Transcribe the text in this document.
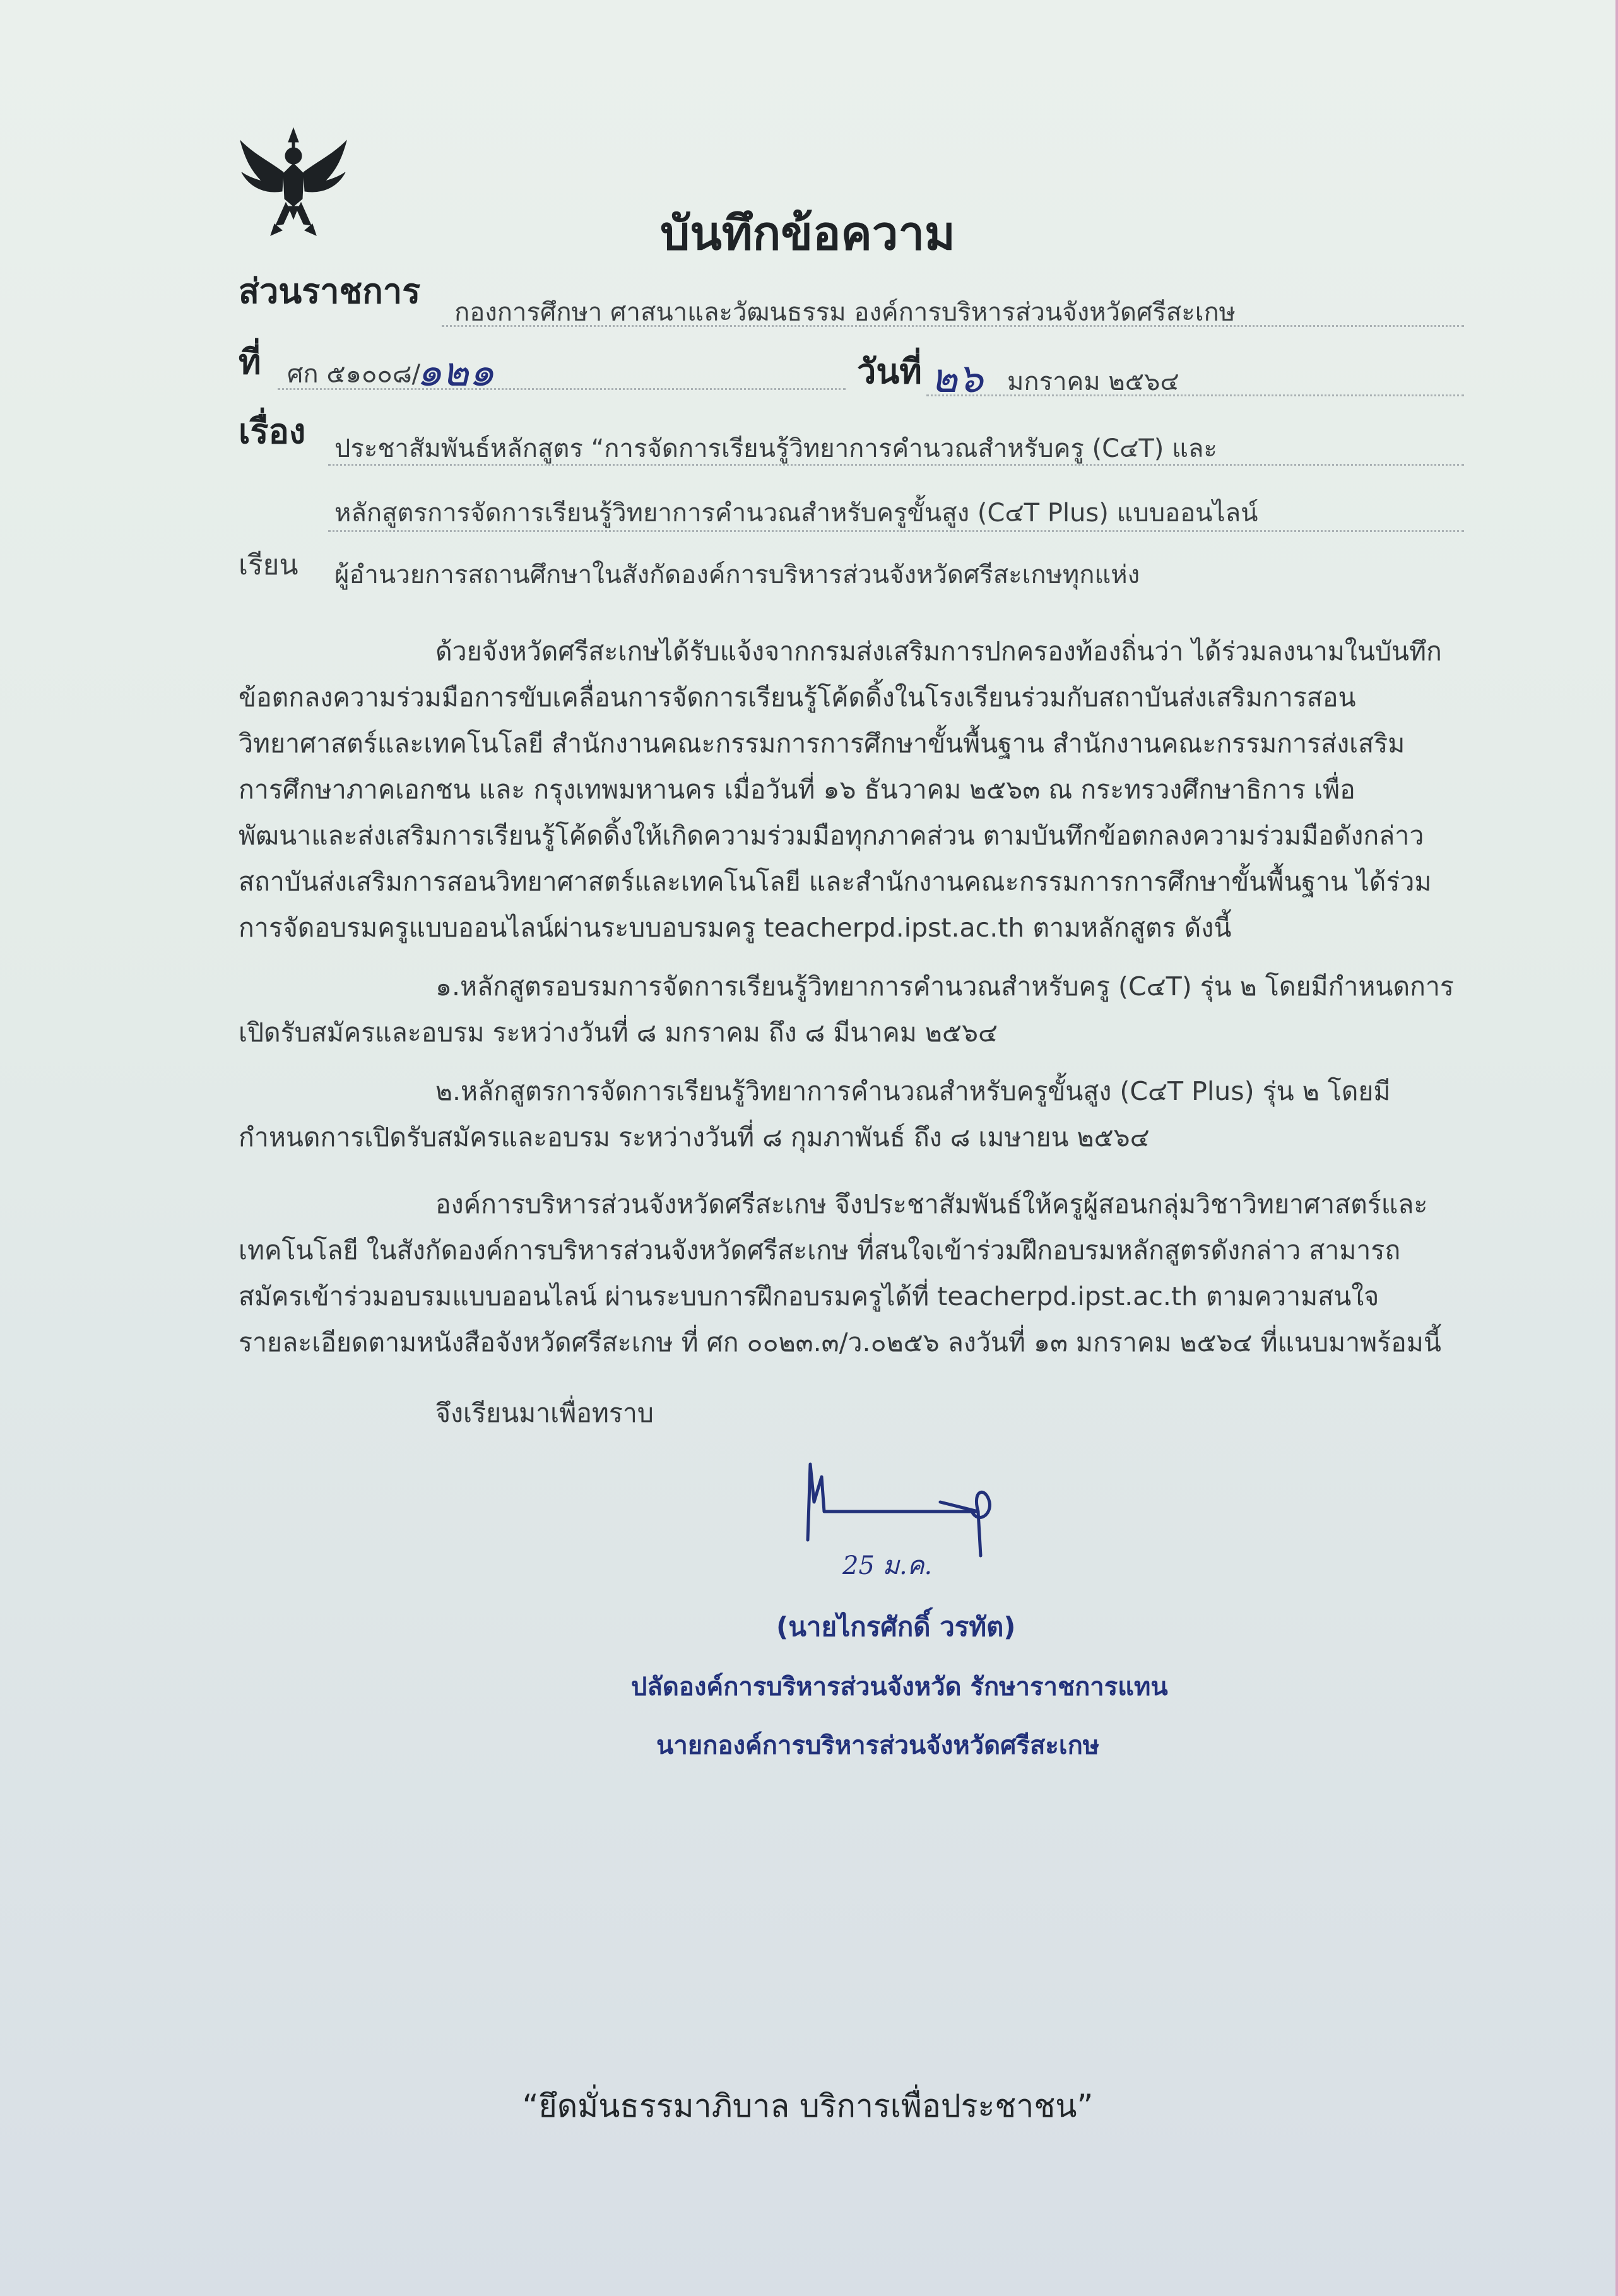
บันทึกข้อความ
ส่วนราชการ
กองการศึกษา ศาสนาและวัฒนธรรม องค์การบริหารส่วนจังหวัดศรีสะเกษ
ที่ ศก ๕๑๐๐๘/
๑๒๑	วันที่ ๒๖ มกราคม ๒๕๖๔
เรื่อง ประชาสัมพันธ์หลักสูตร “การจัดการเรียนรู้วิทยาการคำนวณสำหรับครู (C๔T) และ
หลักสูตรการจัดการเรียนรู้วิทยาการคำนวณสำหรับครูขั้นสูง (C๔T Plus) แบบออนไลน์
เรียน ผู้อำนวยการสถานศึกษาในสังกัดองค์การบริหารส่วนจังหวัดศรีสะเกษทุกแห่ง
ด้วยจังหวัดศรีสะเกษได้รับแจ้งจากกรมส่งเสริมการปกครองท้องถิ่นว่า ได้ร่วมลงนามในบันทึก
ข้อตกลงความร่วมมือการขับเคลื่อนการจัดการเรียนรู้โค้ดดิ้งในโรงเรียนร่วมกับสถาบันส่งเสริมการสอน
วิทยาศาสตร์และเทคโนโลยี สำนักงานคณะกรรมการการศึกษาขั้นพื้นฐาน สำนักงานคณะกรรมการส่งเสริม
การศึกษาภาคเอกชน และ กรุงเทพมหานคร เมื่อวันที่ ๑๖ ธันวาคม ๒๕๖๓ ณ กระทรวงศึกษาธิการ เพื่อ
พัฒนาและส่งเสริมการเรียนรู้โค้ดดิ้งให้เกิดความร่วมมือทุกภาคส่วน ตามบันทึกข้อตกลงความร่วมมือดังกล่าว
สถาบันส่งเสริมการสอนวิทยาศาสตร์และเทคโนโลยี และสำนักงานคณะกรรมการการศึกษาขั้นพื้นฐาน ได้ร่วม
การจัดอบรมครูแบบออนไลน์ผ่านระบบอบรมครู teacherpd.ipst.ac.th ตามหลักสูตร ดังนี้
๑.หลักสูตรอบรมการจัดการเรียนรู้วิทยาการคำนวณสำหรับครู (C๔T) รุ่น ๒ โดยมีกำหนดการ
เปิดรับสมัครและอบรม ระหว่างวันที่ ๘ มกราคม ถึง ๘ มีนาคม ๒๕๖๔
๒.หลักสูตรการจัดการเรียนรู้วิทยาการคำนวณสำหรับครูขั้นสูง (C๔T Plus) รุ่น ๒ โดยมี
กำหนดการเปิดรับสมัครและอบรม ระหว่างวันที่ ๘ กุมภาพันธ์ ถึง ๘ เมษายน ๒๕๖๔
องค์การบริหารส่วนจังหวัดศรีสะเกษ จึงประชาสัมพันธ์ให้ครูผู้สอนกลุ่มวิชาวิทยาศาสตร์และ
เทคโนโลยี ในสังกัดองค์การบริหารส่วนจังหวัดศรีสะเกษ ที่สนใจเข้าร่วมฝึกอบรมหลักสูตรดังกล่าว สามารถ
สมัครเข้าร่วมอบรมแบบออนไลน์ ผ่านระบบการฝึกอบรมครูได้ที่ teacherpd.ipst.ac.th ตามความสนใจ
รายละเอียดตามหนังสือจังหวัดศรีสะเกษ ที่ ศก ๐๐๒๓.๓/ว.๐๒๕๖ ลงวันที่ ๑๓ มกราคม ๒๕๖๔ ที่แนบมาพร้อมนี้
จึงเรียนมาเพื่อทราบ
25 ม.ค.
(นายไกรศักดิ์ วรทัต)
ปลัดองค์การบริหารส่วนจังหวัด รักษาราชการแทน
นายกองค์การบริหารส่วนจังหวัดศรีสะเกษ
“ยึดมั่นธรรมาภิบาล บริการเพื่อประชาชน”
